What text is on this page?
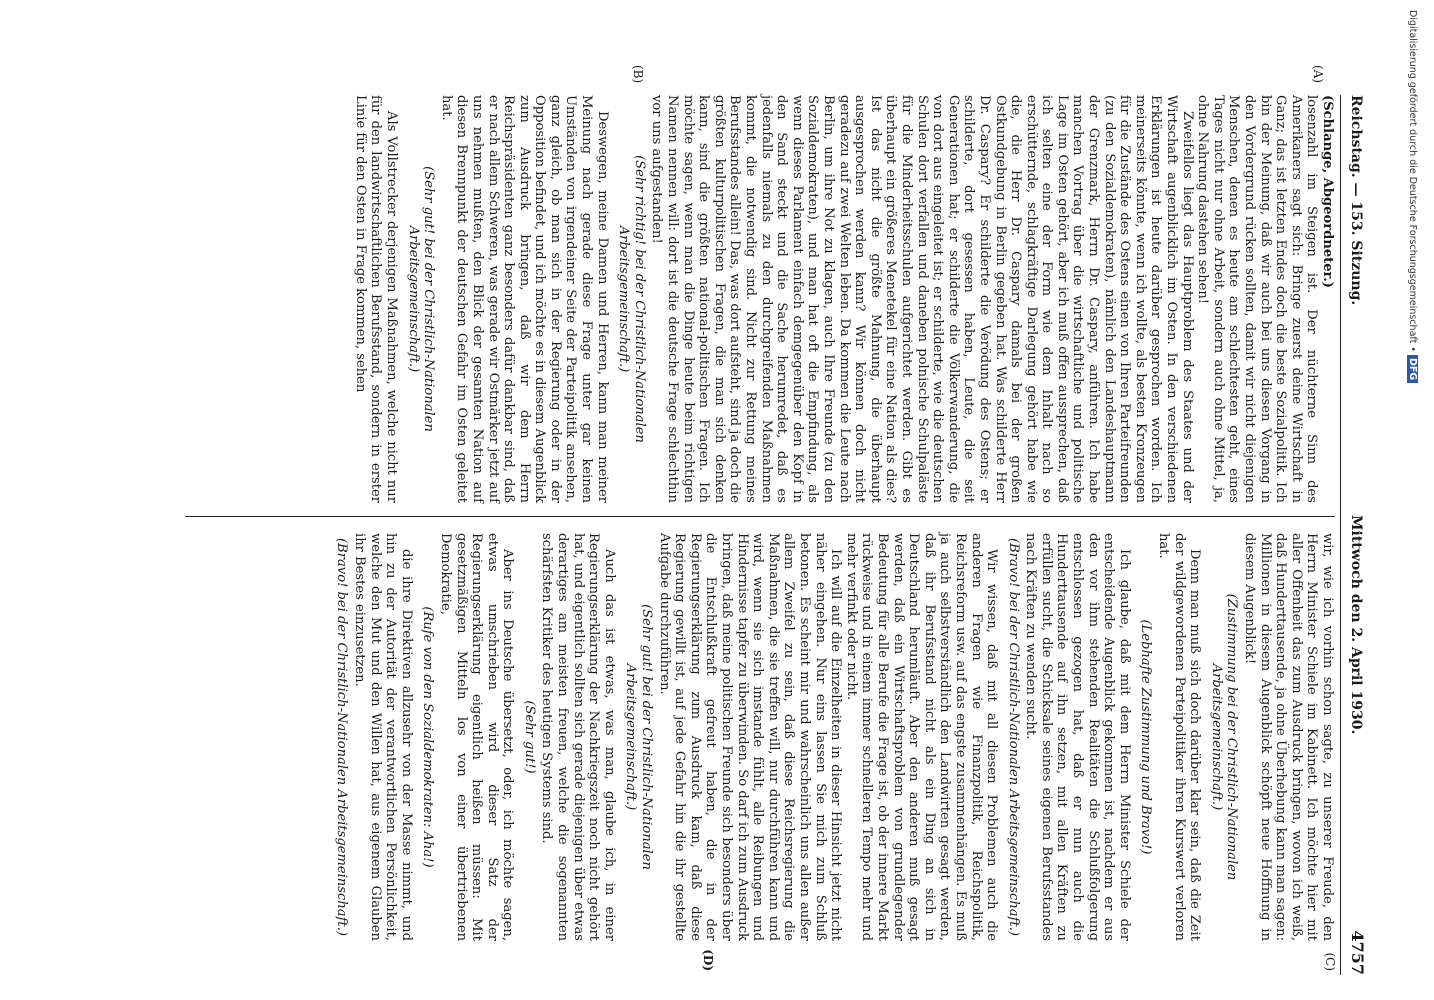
Reichstag. — 153. Sitzung.
Mittwoch den 2. April 1930.
4757
(A)
(B)

(Schlange, Abgeordneter.)

losenzahl im Steigen ist. Der nüchterne Sinn des Amerikaners sagt sich: Bringe zuerst deine Wirtschaft in Ganz; das ist letzten Endes doch die beste Sozialpolitik. Ich bin der Meinung, daß wir auch bei uns diesen Vorgang in den Vordergrund rücken sollten, damit wir nicht diejenigen Menschen, denen es heute am schlechtesten geht, eines Tages nicht nur ohne Arbeit, sondern auch ohne Mittel, ja, ohne Nahrung dastehen sehen!

Zweifellos liegt das Hauptproblem des Staates und der Wirtschaft augenblicklich im Osten. In den verschiedenen Erklärungen ist heute darüber gesprochen worden. Ich meinerseits könnte, wenn ich wollte, als besten Kronzeugen für die Zustände des Ostens einen von Ihren Parteifreunden (zu den Sozialdemokraten), nämlich den Landeshauptmann der Grenzmark, Herrn Dr. Caspary, anführen. Ich habe manchen Vortrag über die wirtschaftliche und politische Lage im Osten gehört, aber ich muß offen aussprechen, daß ich selten eine der Form wie dem Inhalt nach so erschütternde, schlagkräftige Darlegung gehört habe wie die, die Herr Dr. Caspary damals bei der großen Ostkundgebung in Berlin gegeben hat. Was schilderte Herr Dr. Caspary? Er schilderte die Verödung des Ostens; er schilderte, dort gesessen haben, Leute, die seit Generationen hat; er schilderte die Völkerwanderung, die von dort aus eingeleitet ist; er schilderte, wie die deutschen Schulen dort verfallen und daneben polnische Schulpaläste für die Minderheitsschulen aufgerichtet werden. Gibt es überhaupt ein größeres Menetekel für eine Nation als dies? Ist das nicht die größte Mahnung, die überhaupt ausgesprochen werden kann? Wir können doch nicht geradezu auf zwei Welten leben. Da kommen die Leute nach Berlin, um ihre Not zu klagen, auch Ihre Freunde (zu den Sozialdemokraten), und man hat oft die Empfindung, als wenn dieses Parlament einfach demgegenüber den Kopf in den Sand steckt und die Sache herumredet, daß es jedenfalls niemals zu den durchgreifenden Maßnahmen kommt, die notwendig sind. Nicht zur Rettung meines Berufsstandes allein! Das, was dort aufsteht, sind ja doch die größten kulturpolitischen Fragen, die man sich denken kann, sind die größten national-politischen Fragen. Ich möchte sagen, wenn man die Dinge heute beim richtigen Namen nennen will: dort ist die deutsche Frage schlechthin vor uns aufgestanden!

(Sehr richtig! bei der Christlich-Nationalen Arbeitsgemeinschaft.)

Deswegen, meine Damen und Herren, kann man meiner Meinung nach gerade diese Frage unter gar keinen Umständen von irgendeiner Seite der Parteipolitik ansehen, ganz gleich, ob man sich in der Regierung oder in der Opposition befindet, und ich möchte es in diesem Augenblick zum Ausdruck bringen, daß wir dem Herrn Reichspräsidenten ganz besonders dafür dankbar sind, daß er nach allem Schweren, was gerade wir Ostmärker jetzt auf uns nehmen mußten, den Blick der gesamten Nation auf diesen Brennpunkt der deutschen Gefahr im Osten geleitet hat.

(Sehr gut! bei der Christlich-Nationalen Arbeitsgemeinschaft.)

Als Vollstrecker derjenigen Maßnahmen, welche nicht nur für den landwirtschaftlichen Berufsstand, sondern in erster Linie für den Osten in Frage kommen, sehen

(C)
(D)

wir, wie ich vorhin schon sagte, zu unserer Freude, den Herrn Minister Schiele im Kabinett. Ich möchte hier mit aller Offenheit das zum Ausdruck bringen, wovon ich weiß, daß Hunderttausende, ja ohne Überhebung kann man sagen: Millionen in diesem Augenblick schöpft neue Hoffnung in diesem Augenblick!

(Zustimmung bei der Christlich-Nationalen Arbeitsgemeinschaft.)

Denn man muß sich doch darüber klar sein, daß die Zeit der wildgewordenen Parteipolitiker ihren Kurswert verloren hat.

(Lebhafte Zustimmung und Bravo!)

Ich glaube, daß mit dem Herrn Minister Schiele der entscheidende Augenblick gekommen ist, nachdem er aus den vor ihm stehenden Realitäten die Schlußfolgerung entschlossen gezogen hat, daß er nun auch die Hunderttausende auf ihn setzen, mit allen Kräften zu erfüllen sucht, die Schicksale seines eigenen Berufsstandes nach Kräften zu wenden sucht.

(Bravo! bei der Christlich-Nationalen Arbeitsgemeinschaft.)

Wir wissen, daß mit all diesen Problemen auch die anderen Fragen wie Finanzpolitik, Reichspolitik, Reichsreform usw. auf das engste zusammenhängen. Es muß ja auch selbstverständlich den Landwirten gesagt werden, daß ihr Berufsstand nicht als ein Ding an sich in Deutschland herumläuft. Aber den anderen muß gesagt werden, daß ein Wirtschaftsproblem von grundlegender Bedeutung für alle Berufe die Frage ist, ob der innere Markt rückweise und in einem immer schnelleren Tempo mehr und mehr verfinkt oder nicht.

Ich will auf die Einzelheiten in dieser Hinsicht jetzt nicht näher eingehen. Nur eins lassen Sie mich zum Schluß betonen. Es scheint mir und wahrscheinlich uns allen außer allem Zweifel zu sein, daß diese Reichsregierung die Maßnahmen, die sie treffen will, nur durchführen kann und wird, wenn sie sich imstande fühlt, alle Reibungen und Hindernisse tapfer zu überwinden. So darf ich zum Ausdruck bringen, daß meine politischen Freunde sich besonders über die Entschlußkraft gefreut haben, die in der Regierungserklärung zum Ausdruck kam, daß diese Regierung gewillt ist, auf jede Gefahr hin die ihr gestellte Aufgabe durchzuführen.

(Sehr gut! bei der Christlich-Nationalen Arbeitsgemeinschaft.)

Auch das ist etwas, was man, glaube ich, in einer Regierungserklärung der Nachkriegszeit noch nicht gehört hat, und eigentlich sollten sich gerade diejenigen über etwas derartiges am meisten freuen, welche die sogenannten schärfsten Kritiker des heutigen Systems sind.

(Sehr gut!)

Aber ins Deutsche übersetzt, oder, ich möchte sagen, etwas umschrieben wird dieser Satz der Regierungserklärung eigentlich heißen müssen: Mit gesetzmäßigen Mitteln los von einer übertriebenen Demokratie,

(Rufe von den Sozialdemokraten: Aha!)

die ihre Direktiven allzusehr von der Masse nimmt, und hin zu der Autorität der verantwortlichen Persönlichkeit, welche den Mut und den Willen hat, aus eigenem Glauben ihr Bestes einzusetzen.

(Bravo! bei der Christlich-Nationalen Arbeitsgemeinschaft.)

Digitalisierung gefördert durch die Deutsche Forschungsgemeinschaft • DFG
